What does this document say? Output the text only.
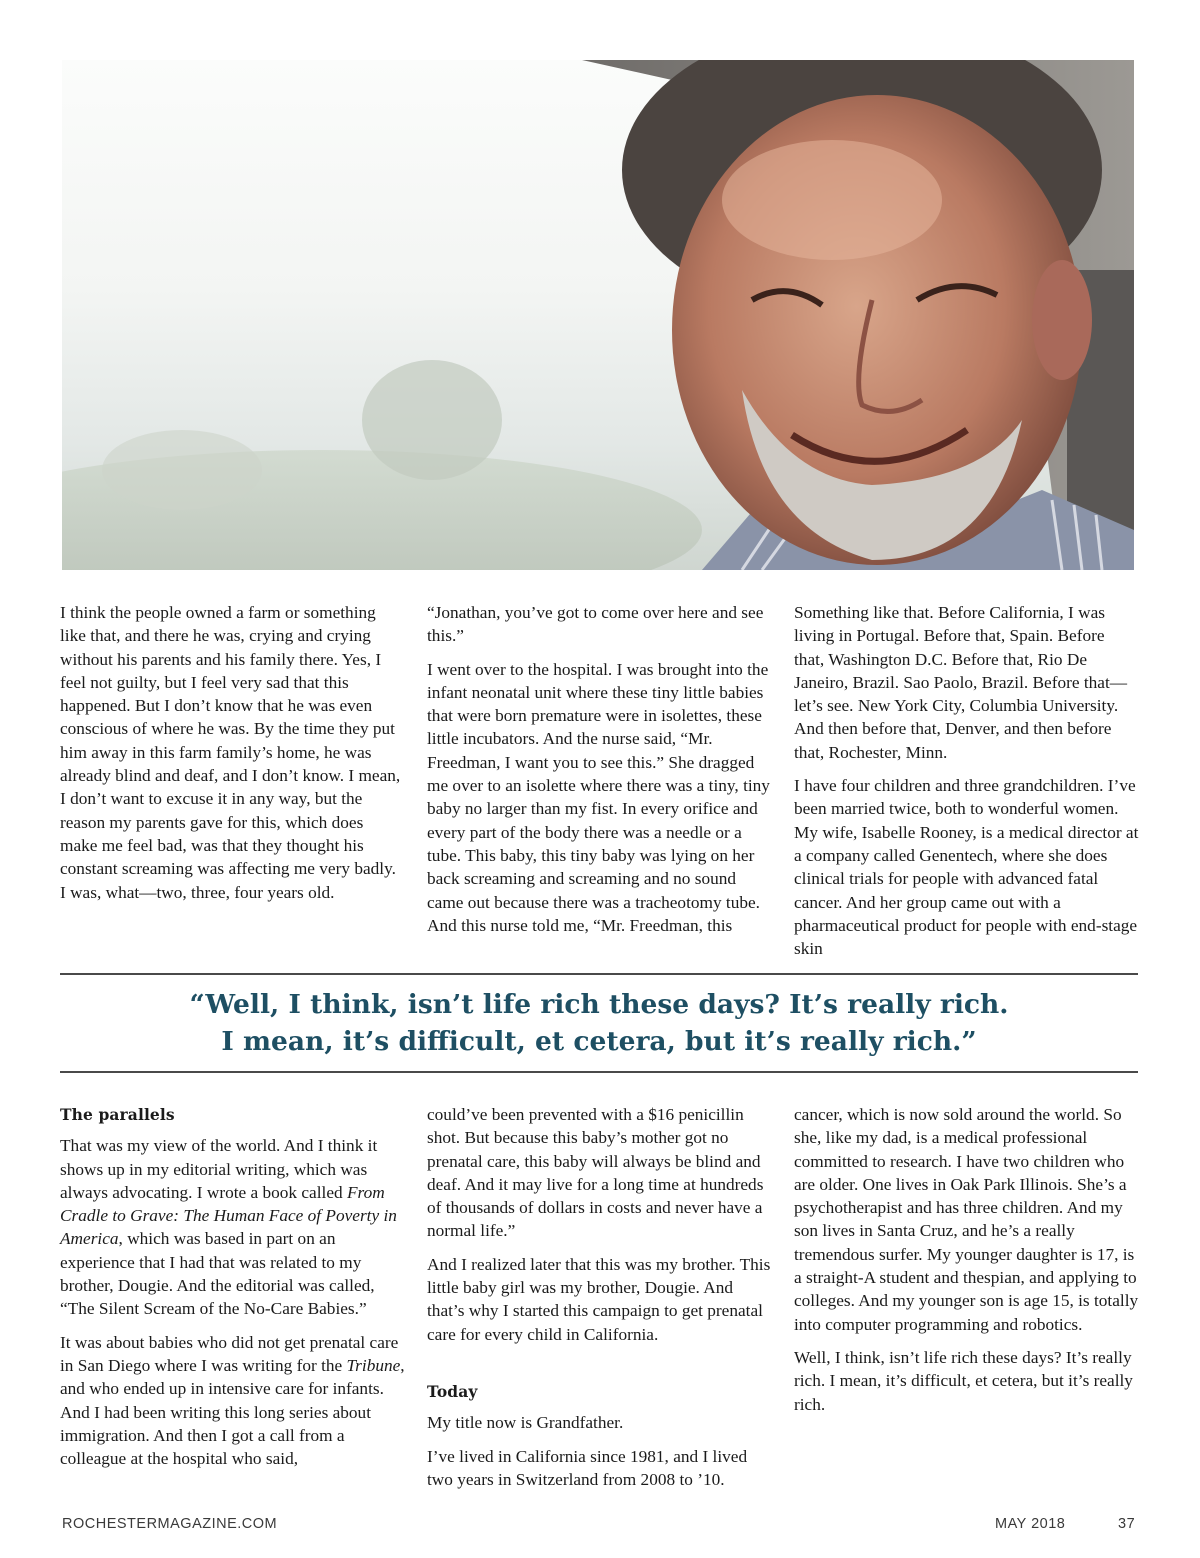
I think the people owned a farm or something like that, and there he was, crying and crying without his parents and his family there. Yes, I feel not guilty, but I feel very sad that this happened. But I don’t know that he was even conscious of where he was. By the time they put him away in this farm family’s home, he was already blind and deaf, and I don’t know. I mean, I don’t want to excuse it in any way, but the reason my parents gave for this, which does make me feel bad, was that they thought his constant screaming was affecting me very badly. I was, what—two, three, four years old.

“Jonathan, you’ve got to come over here and see this.”

I went over to the hospital. I was brought into the infant neonatal unit where these tiny little babies that were born premature were in isolettes, these little incubators. And the nurse said, “Mr. Freedman, I want you to see this.” She dragged me over to an isolette where there was a tiny, tiny baby no larger than my fist. In every orifice and every part of the body there was a needle or a tube. This baby, this tiny baby was lying on her back screaming and screaming and no sound came out because there was a tracheotomy tube. And this nurse told me, “Mr. Freedman, this

Something like that. Before California, I was living in Portugal. Before that, Spain. Before that, Washington D.C. Before that, Rio De Janeiro, Brazil. Sao Paolo, Brazil. Before that—let’s see. New York City, Columbia University. And then before that, Denver, and then before that, Rochester, Minn.

I have four children and three grandchildren. I’ve been married twice, both to wonderful women. My wife, Isabelle Rooney, is a medical director at a company called Genentech, where she does clinical trials for people with advanced fatal cancer. And her group came out with a pharmaceutical product for people with end-stage skin

“Well, I think, isn’t life rich these days? It’s really rich.
I mean, it’s difficult, et cetera, but it’s really rich.”
The parallels

That was my view of the world. And I think it shows up in my editorial writing, which was always advocating. I wrote a book called From Cradle to Grave: The Human Face of Poverty in America, which was based in part on an experience that I had that was related to my brother, Dougie. And the editorial was called, “The Silent Scream of the No-Care Babies.”

It was about babies who did not get prenatal care in San Diego where I was writing for the Tribune, and who ended up in intensive care for infants. And I had been writing this long series about immigration. And then I got a call from a colleague at the hospital who said,

could’ve been prevented with a $16 penicillin shot. But because this baby’s mother got no prenatal care, this baby will always be blind and deaf. And it may live for a long time at hundreds of thousands of dollars in costs and never have a normal life.”

And I realized later that this was my brother. This little baby girl was my brother, Dougie. And that’s why I started this campaign to get prenatal care for every child in California.

Today

My title now is Grandfather.

I’ve lived in California since 1981, and I lived two years in Switzerland from 2008 to ’10.

cancer, which is now sold around the world. So she, like my dad, is a medical professional committed to research. I have two children who are older. One lives in Oak Park Illinois. She’s a psychotherapist and has three children. And my son lives in Santa Cruz, and he’s a really tremendous surfer. My younger daughter is 17, is a straight-A student and thespian, and applying to colleges. And my younger son is age 15, is totally into computer programming and robotics.

Well, I think, isn’t life rich these days? It’s really rich. I mean, it’s difficult, et cetera, but it’s really rich.

ROCHESTERMAGAZINE.COM	MAY 2018	37
